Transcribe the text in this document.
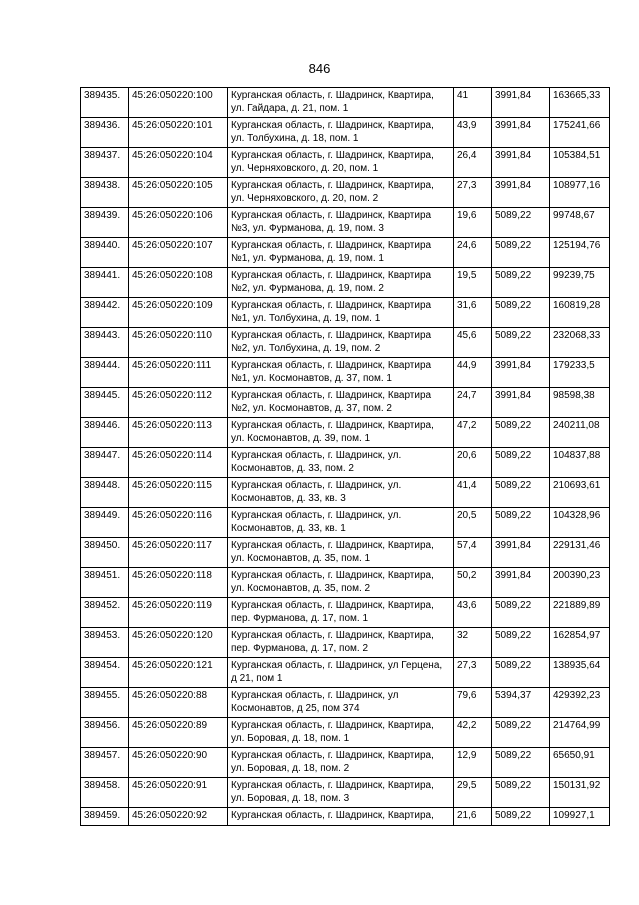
846
389435.	45:26:050220:100	Курганская область, г. Шадринск, Квартира, ул. Гайдара, д. 21, пом. 1	41	3991,84	163665,33
389436.	45:26:050220:101	Курганская область, г. Шадринск, Квартира, ул. Толбухина, д. 18, пом. 1	43,9	3991,84	175241,66
389437.	45:26:050220:104	Курганская область, г. Шадринск, Квартира, ул. Черняховского, д. 20, пом. 1	26,4	3991,84	105384,51
389438.	45:26:050220:105	Курганская область, г. Шадринск, Квартира, ул. Черняховского, д. 20, пом. 2	27,3	3991,84	108977,16
389439.	45:26:050220:106	Курганская область, г. Шадринск, Квартира №3, ул. Фурманова, д. 19, пом. 3	19,6	5089,22	99748,67
389440.	45:26:050220:107	Курганская область, г. Шадринск, Квартира №1, ул. Фурманова, д. 19, пом. 1	24,6	5089,22	125194,76
389441.	45:26:050220:108	Курганская область, г. Шадринск, Квартира №2, ул. Фурманова, д. 19, пом. 2	19,5	5089,22	99239,75
389442.	45:26:050220:109	Курганская область, г. Шадринск, Квартира №1, ул. Толбухина, д. 19, пом. 1	31,6	5089,22	160819,28
389443.	45:26:050220:110	Курганская область, г. Шадринск, Квартира №2, ул. Толбухина, д. 19, пом. 2	45,6	5089,22	232068,33
389444.	45:26:050220:111	Курганская область, г. Шадринск, Квартира №1, ул. Космонавтов, д. 37, пом. 1	44,9	3991,84	179233,5
389445.	45:26:050220:112	Курганская область, г. Шадринск, Квартира №2, ул. Космонавтов, д. 37, пом. 2	24,7	3991,84	98598,38
389446.	45:26:050220:113	Курганская область, г. Шадринск, Квартира, ул. Космонавтов, д. 39, пом. 1	47,2	5089,22	240211,08
389447.	45:26:050220:114	Курганская область, г. Шадринск, ул. Космонавтов, д. 33, пом. 2	20,6	5089,22	104837,88
389448.	45:26:050220:115	Курганская область, г. Шадринск, ул. Космонавтов, д. 33, кв. 3	41,4	5089,22	210693,61
389449.	45:26:050220:116	Курганская область, г. Шадринск, ул. Космонавтов, д. 33, кв. 1	20,5	5089,22	104328,96
389450.	45:26:050220:117	Курганская область, г. Шадринск, Квартира, ул. Космонавтов, д. 35, пом. 1	57,4	3991,84	229131,46
389451.	45:26:050220:118	Курганская область, г. Шадринск, Квартира, ул. Космонавтов, д. 35, пом. 2	50,2	3991,84	200390,23
389452.	45:26:050220:119	Курганская область, г. Шадринск, Квартира, пер. Фурманова, д. 17, пом. 1	43,6	5089,22	221889,89
389453.	45:26:050220:120	Курганская область, г. Шадринск, Квартира, пер. Фурманова, д. 17, пом. 2	32	5089,22	162854,97
389454.	45:26:050220:121	Курганская область, г. Шадринск, ул Герцена, д 21, пом 1	27,3	5089,22	138935,64
389455.	45:26:050220:88	Курганская область, г. Шадринск, ул Космонавтов, д 25, пом 374	79,6	5394,37	429392,23
389456.	45:26:050220:89	Курганская область, г. Шадринск, Квартира, ул. Боровая, д. 18, пом. 1	42,2	5089,22	214764,99
389457.	45:26:050220:90	Курганская область, г. Шадринск, Квартира, ул. Боровая, д. 18, пом. 2	12,9	5089,22	65650,91
389458.	45:26:050220:91	Курганская область, г. Шадринск, Квартира, ул. Боровая, д. 18, пом. 3	29,5	5089,22	150131,92
389459.	45:26:050220:92	Курганская область, г. Шадринск, Квартира,	21,6	5089,22	109927,1
